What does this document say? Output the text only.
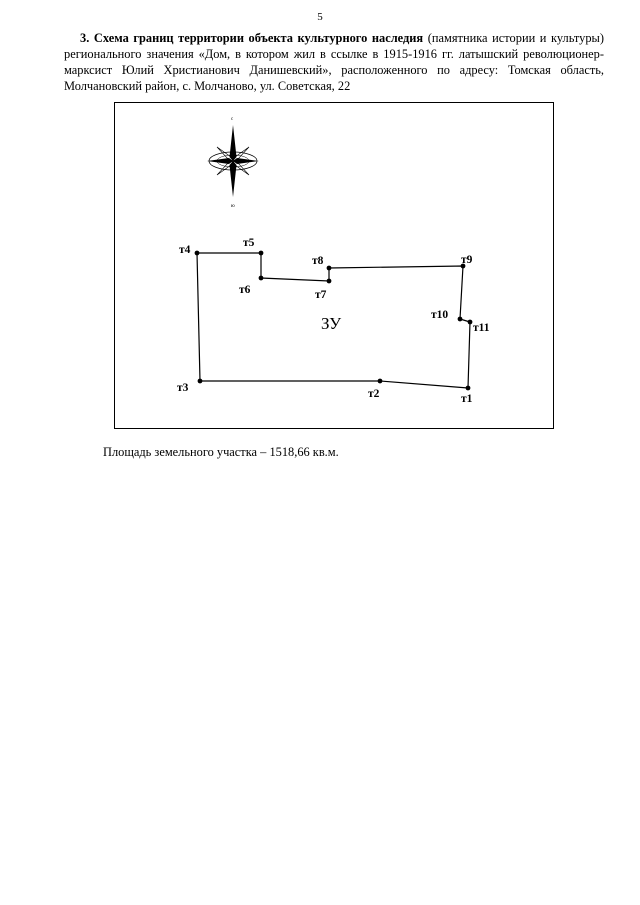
5
3. Схема границ территории объекта культурного наследия (памятника истории и культуры) регионального значения «Дом, в котором жил в ссылке в 1915-1916 гг. латышский революционер-марксист Юлий Христианович Данишевский», расположенного по адресу: Томская область, Молчановский район, с. Молчаново, ул. Советская, 22
с
ю
т1
т2
т3
т4
т5
т6	т7
т8	т9
т10
т11
ЗУ
Площадь земельного участка – 1518,66 кв.м.
